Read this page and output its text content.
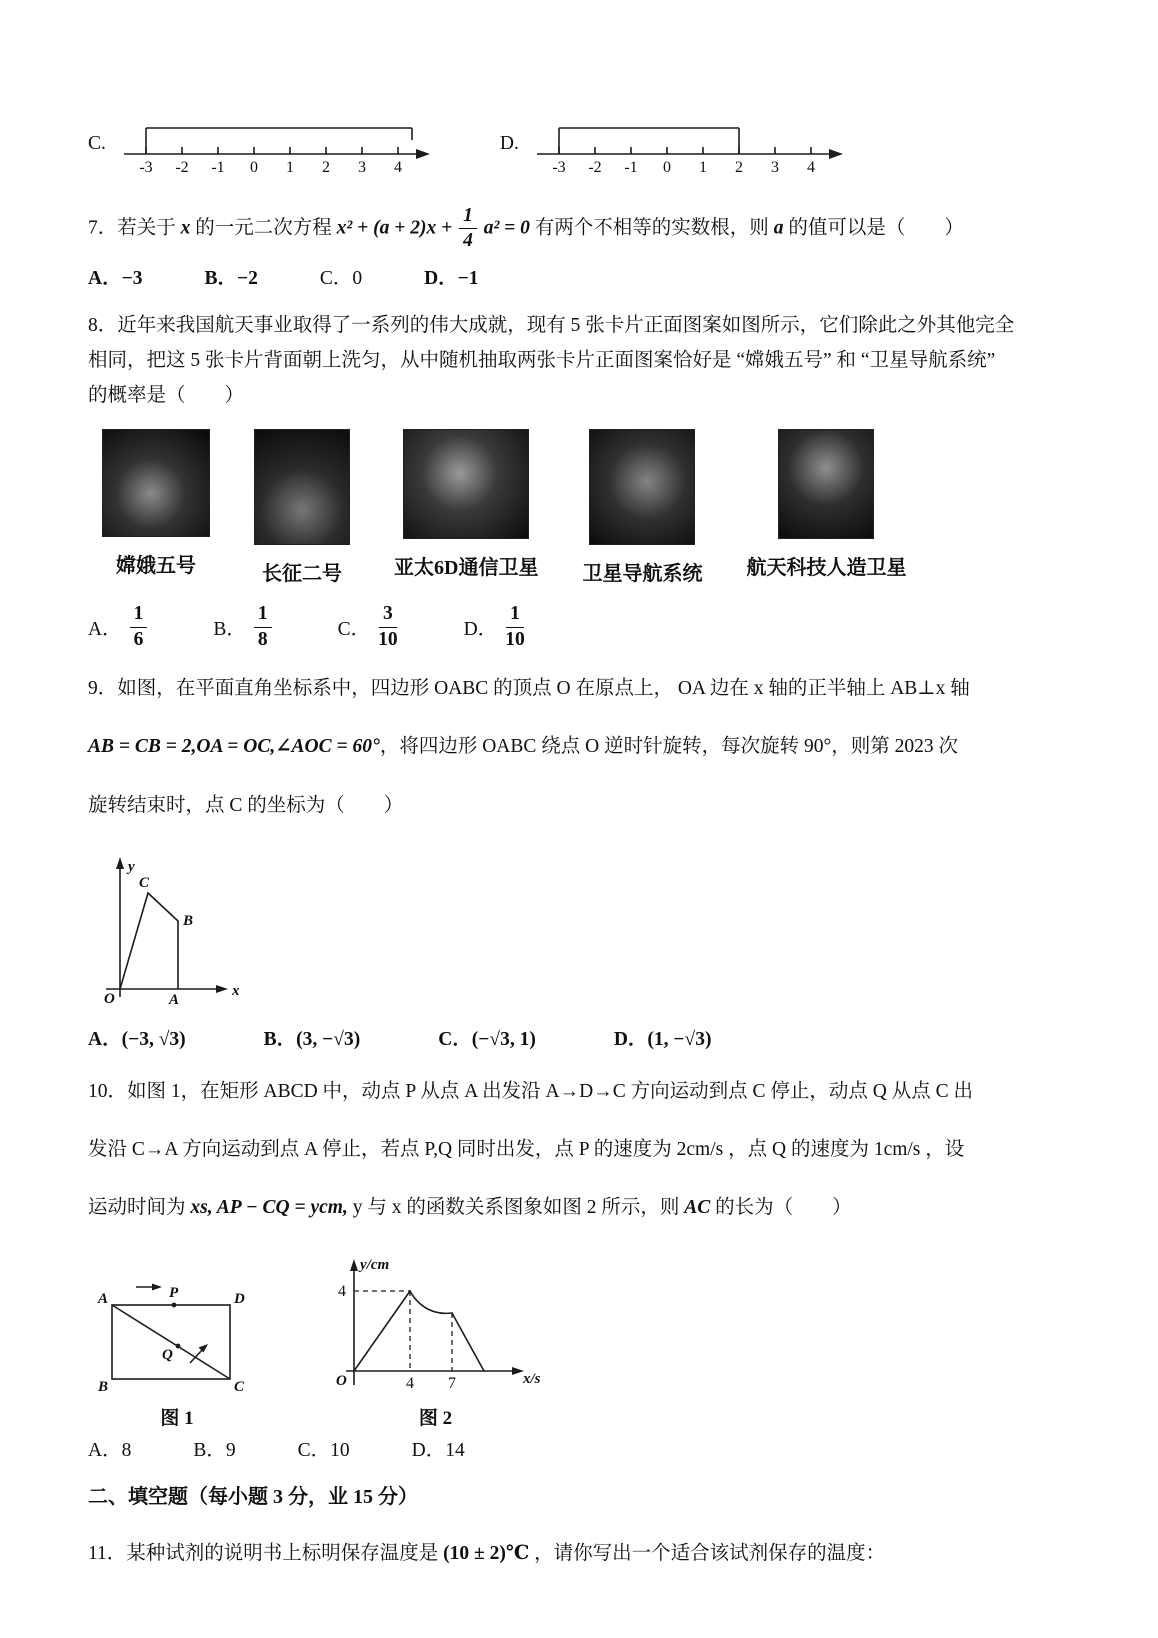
C.
-3 -2 -1 0 1 2 3 4
D.
-3 -2 -1 0 1 2 3 4

7．若关于 x 的一元二次方程 $x^2 + (a + 2)x + \frac{1}{4} a^2 = 0$ 有两个不相等的实数根，则 a 的值可以是（　　）

A．−3	B．−2	C．0	D．−1

8．近年来我国航天事业取得了一系列的伟大成就，现有 5 张卡片正面图案如图所示，它们除此之外其他完全

相同，把这 5 张卡片背面朝上洗匀，从中随机抽取两张卡片正面图案恰好是 “嫦娥五号” 和 “卫星导航系统”

的概率是（　　）

嫦娥五号	长征二号	亚太6D通信卫星 卫星导航系统 航天科技人造卫星
A． $\frac{1}{6}$	B． $\frac{1}{8}$	C． $\frac{3}{10}$	D． $\frac{1}{10}$

9．如图，在平面直角坐标系中，四边形 OABC 的顶点 O 在原点上， OA 边在 x 轴的正半轴上 AB⊥x 轴

AB = CB = 2,OA = OC,∠AOC = 60°，将四边形 OABC 绕点 O 逆时针旋转，每次旋转 90°，则第 2023 次

旋转结束时，点 C 的坐标为（　　）

y
x
O	A
B
C
A．(−3, √3)	B．(3, −√3)	C．(−√3, 1)	D．(1, −√3)

10．如图 1，在矩形 ABCD 中，动点 P 从点 A 出发沿 A→D→C 方向运动到点 C 停止，动点 Q 从点 C 出

发沿 C→A 方向运动到点 A 停止，若点 P,Q 同时出发，点 P 的速度为 2cm/s ，点 Q 的速度为 1cm/s ，设

运动时间为 xs, AP − CQ = ycm, y 与 x 的函数关系图象如图 2 所示，则 AC 的长为（　　）

A	D
B	C
P
Q
图 1
y/cm
4
O	4 7	x/s
图 2
A．8	B．9	C．10	D．14

二、填空题（每小题 3 分，业 15 分）

11．某种试剂的说明书上标明保存温度是 (10 ± 2)℃ ，请你写出一个适合该试剂保存的温度：
